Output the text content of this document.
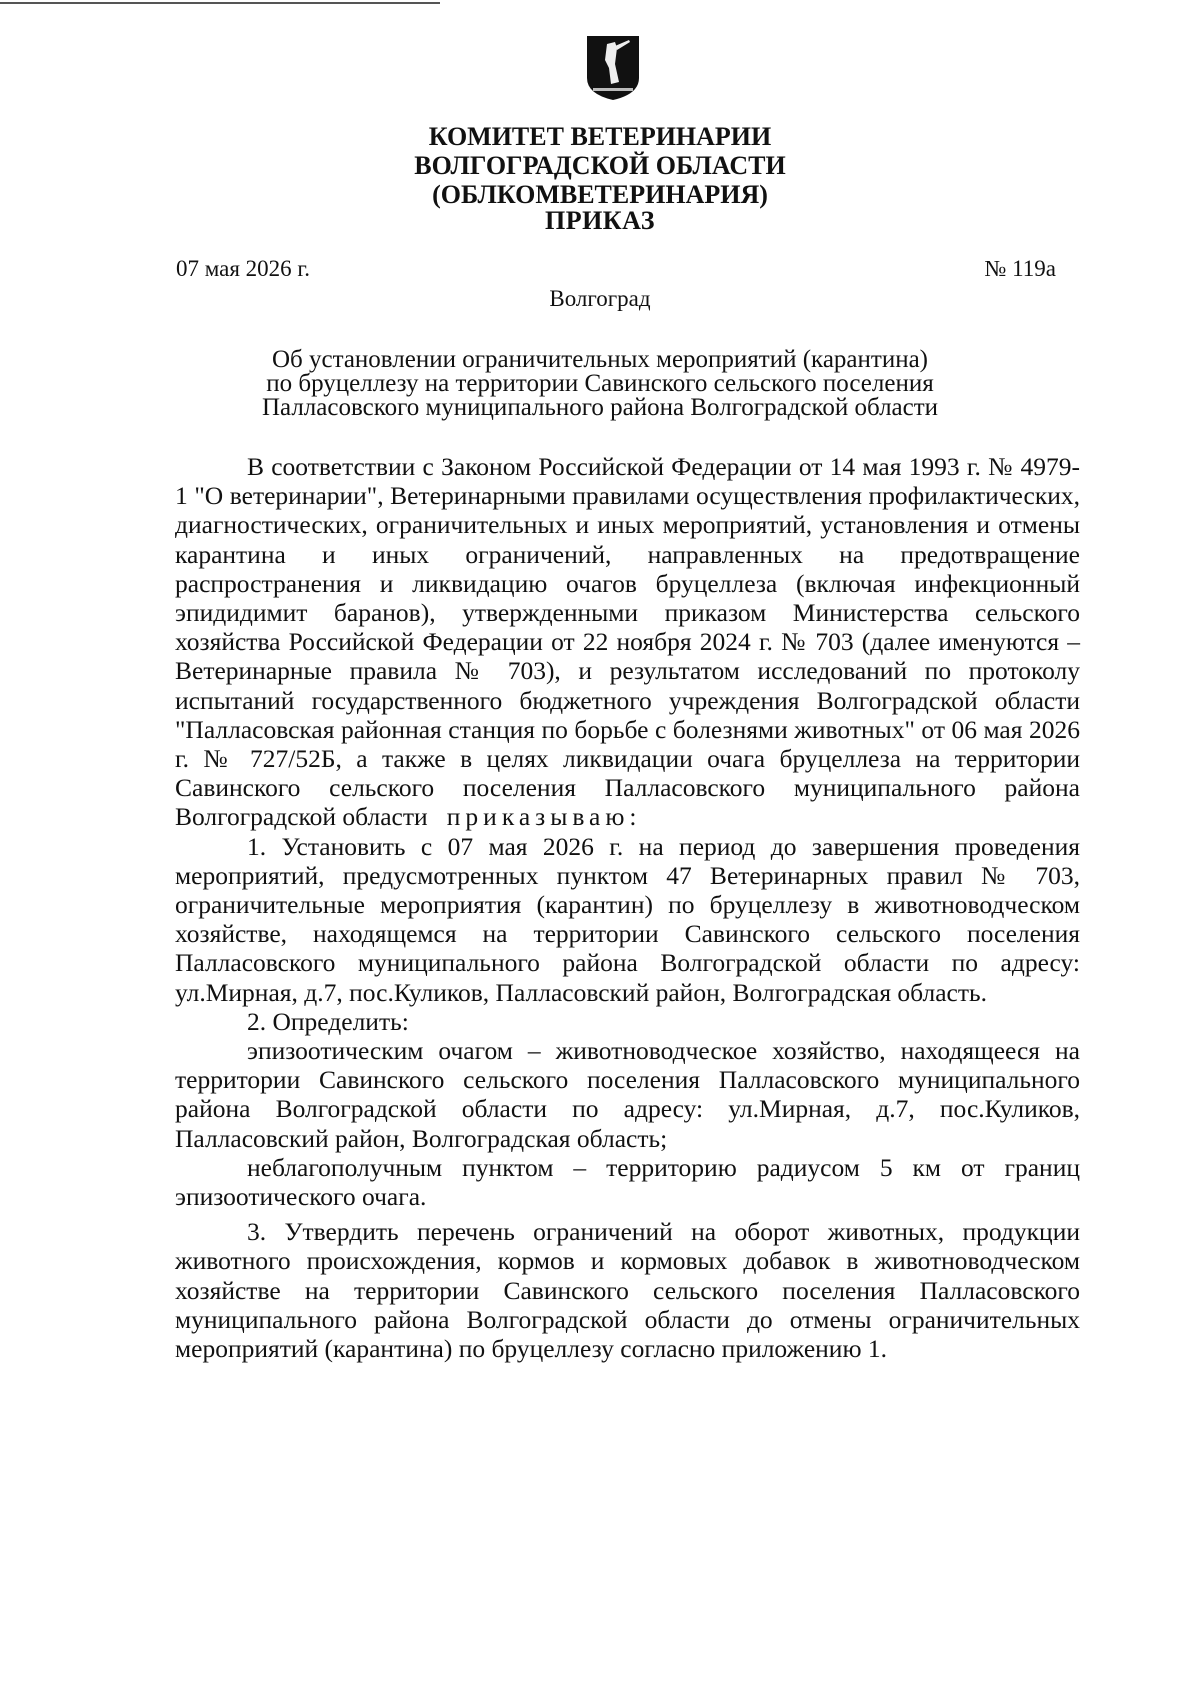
КОМИТЕТ ВЕТЕРИНАРИИ
ВОЛГОГРАДСКОЙ ОБЛАСТИ
(ОБЛКОМВЕТЕРИНАРИЯ)
ПРИКАЗ
07 мая 2026 г.	№ 119а
Волгоград
Об установлении ограничительных мероприятий (карантина)
по бруцеллезу на территории Савинского сельского поселения
Палласовского муниципального района Волгоградской области

В соответствии с Законом Российской Федерации от 14 мая 1993 г. № 4979-1 "О ветеринарии", Ветеринарными правилами осуществления профилактических, диагностических, ограничительных и иных мероприятий, установления и отмены карантина и иных ограничений, направленных на предотвращение распространения и ликвидацию очагов бруцеллеза (включая инфекционный эпидидимит баранов), утвержденными приказом Министерства сельского хозяйства Российской Федерации от 22 ноября 2024 г. № 703 (далее именуются – Ветеринарные правила № 703), и результатом исследований по протоколу испытаний государственного бюджетного учреждения Волгоградской области "Палласовская районная станция по борьбе с болезнями животных" от 06 мая 2026 г. № 727/52Б, а также в целях ликвидации очага бруцеллеза на территории Савинского сельского поселения Палласовского муниципального района Волгоградской области приказываю:

1. Установить с 07 мая 2026 г. на период до завершения проведения мероприятий, предусмотренных пунктом 47 Ветеринарных правил № 703, ограничительные мероприятия (карантин) по бруцеллезу в животноводческом хозяйстве, находящемся на территории Савинского сельского поселения Палласовского муниципального района Волгоградской области по адресу: ул.Мирная, д.7, пос.Куликов, Палласовский район, Волгоградская область.

2. Определить:

эпизоотическим очагом – животноводческое хозяйство, находящееся на территории Савинского сельского поселения Палласовского муниципального района Волгоградской области по адресу: ул.Мирная, д.7, пос.Куликов, Палласовский район, Волгоградская область;

неблагополучным пунктом – территорию радиусом 5 км от границ эпизоотического очага.

3. Утвердить перечень ограничений на оборот животных, продукции животного происхождения, кормов и кормовых добавок в животноводческом хозяйстве на территории Савинского сельского поселения Палласовского муниципального района Волгоградской области до отмены ограничительных мероприятий (карантина) по бруцеллезу согласно приложению 1.
